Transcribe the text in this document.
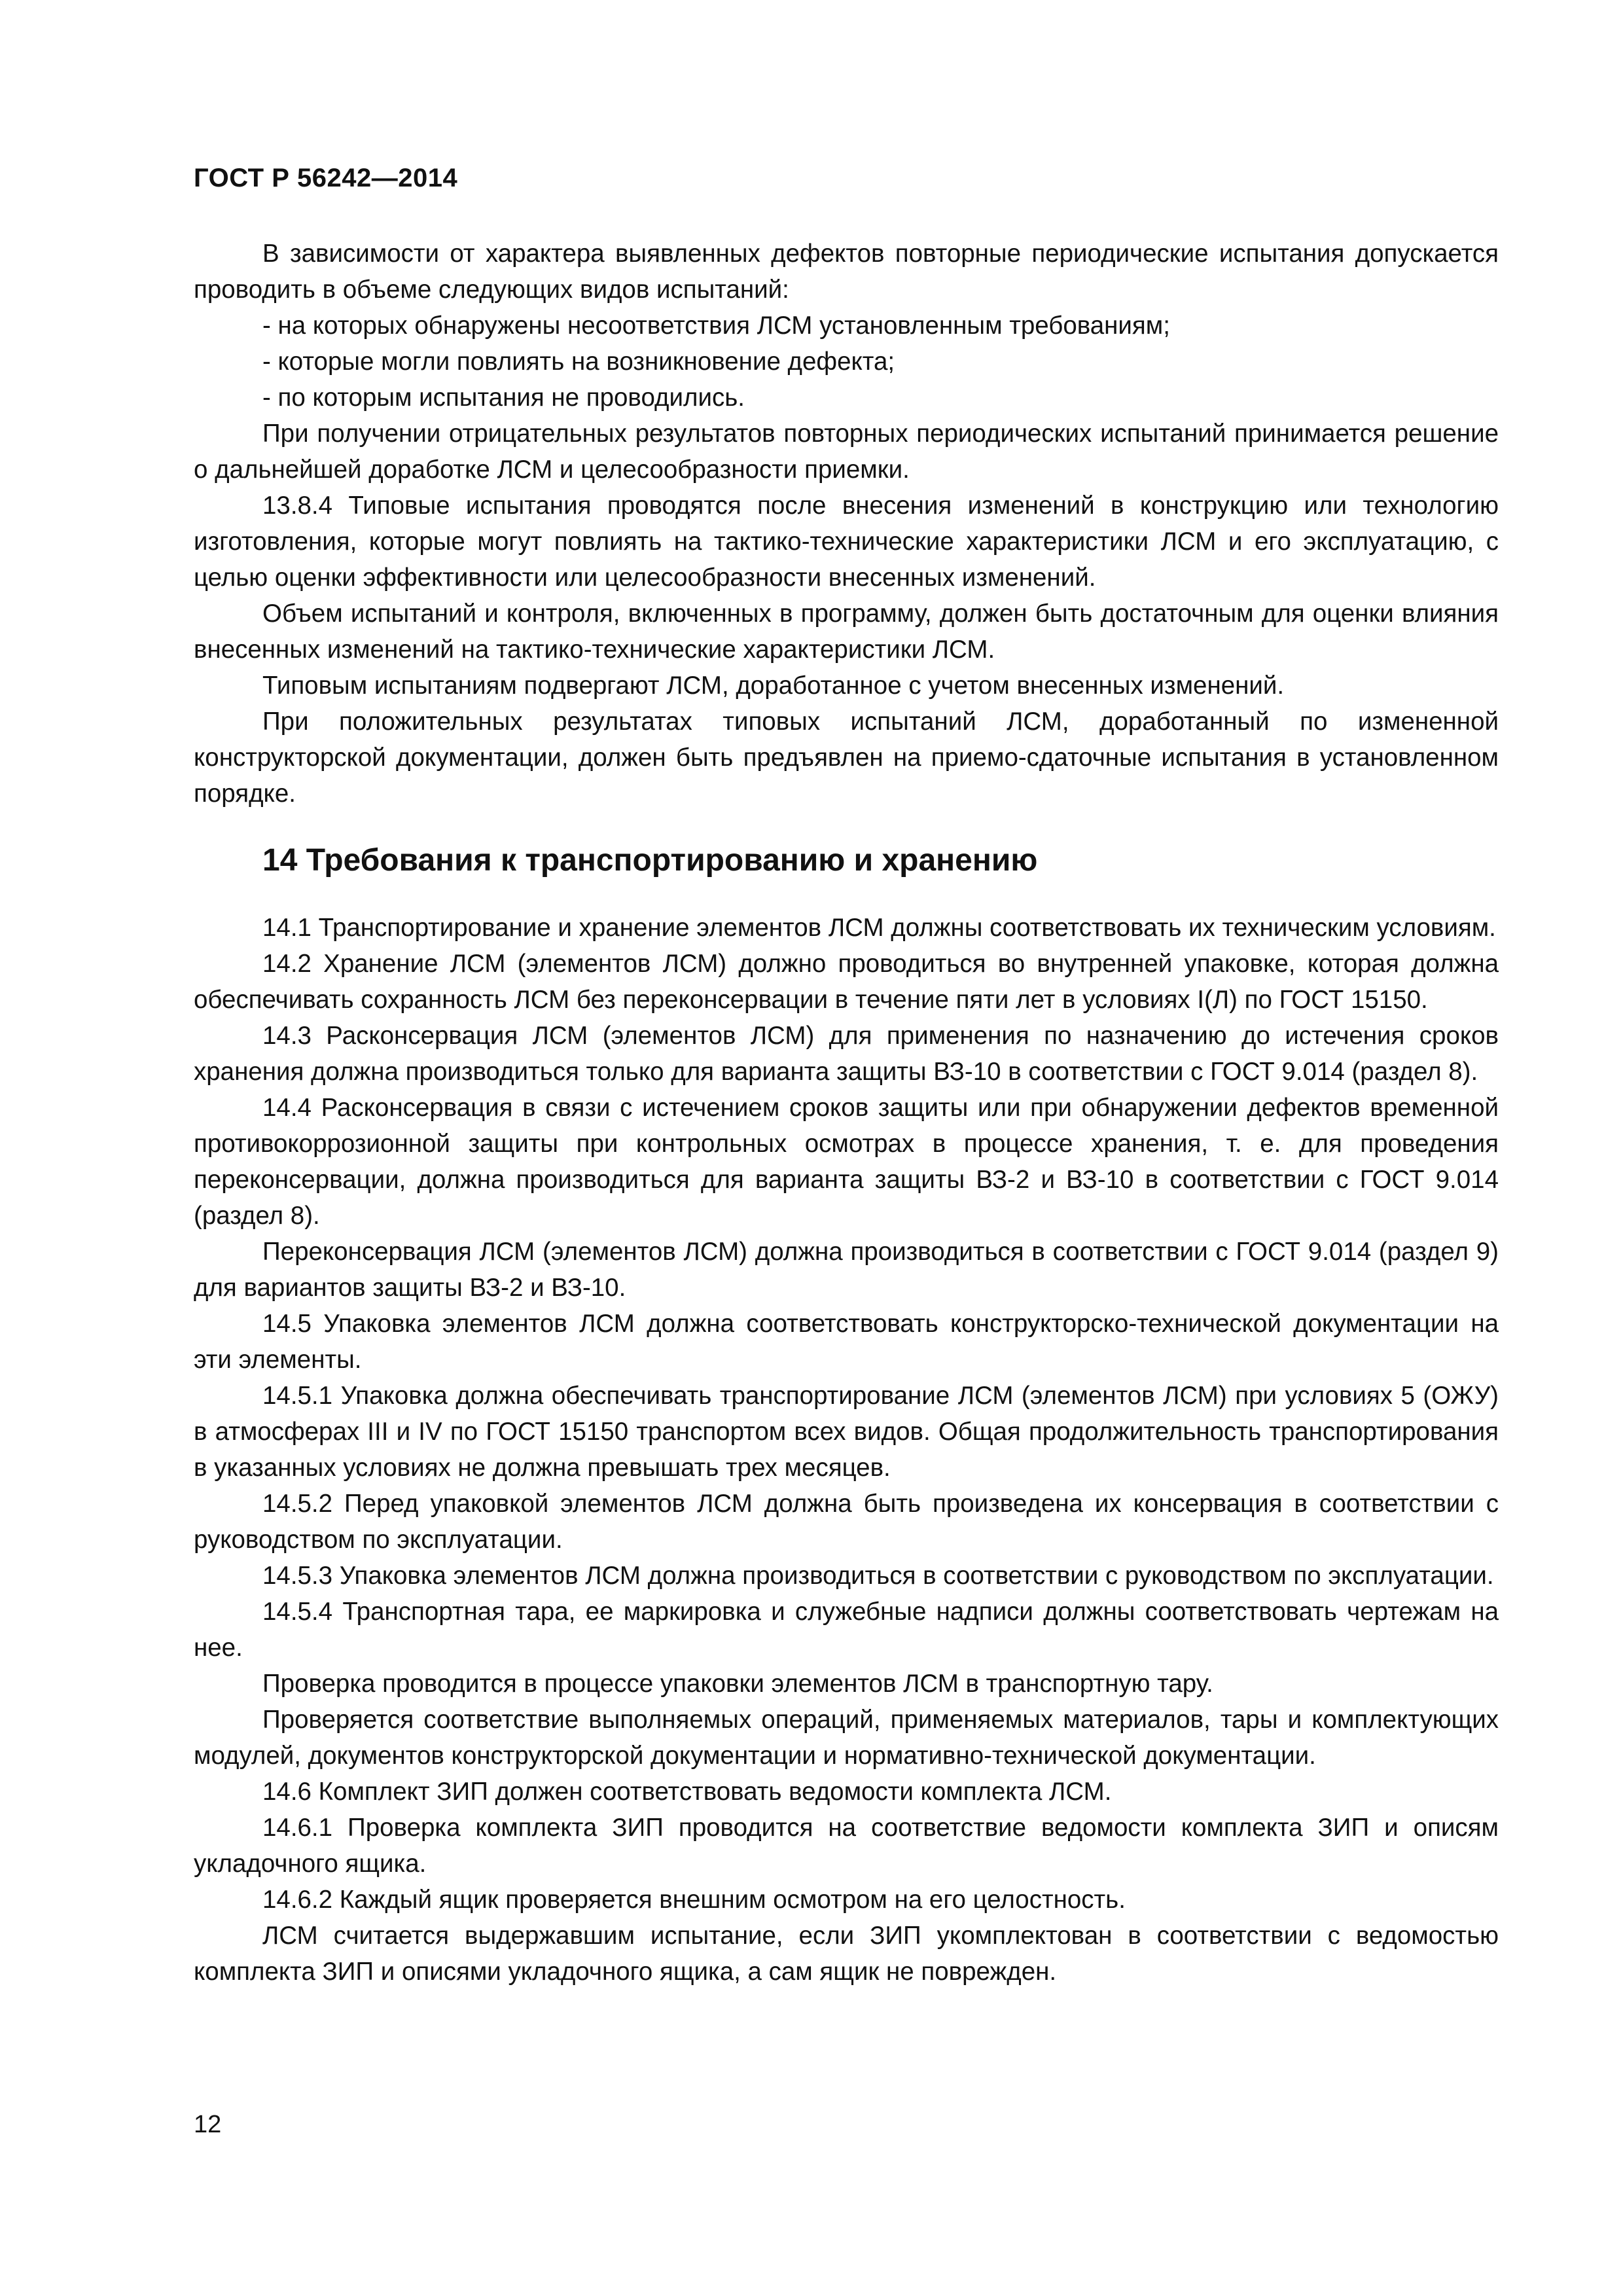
ГОСТ Р 56242—2014

В зависимости от характера выявленных дефектов повторные периодические испытания допускается проводить в объеме следующих видов испытаний:

- на которых обнаружены несоответствия ЛСМ установленным требованиям;

- которые могли повлиять на возникновение дефекта;

- по которым испытания не проводились.

При получении отрицательных результатов повторных периодических испытаний принимается решение о дальнейшей доработке ЛСМ и целесообразности приемки.

13.8.4 Типовые испытания проводятся после внесения изменений в конструкцию или технологию изготовления, которые могут повлиять на тактико-технические характеристики ЛСМ и его эксплуатацию, с целью оценки эффективности или целесообразности внесенных изменений.

Объем испытаний и контроля, включенных в программу, должен быть достаточным для оценки влияния внесенных изменений на тактико-технические характеристики ЛСМ.

Типовым испытаниям подвергают ЛСМ, доработанное с учетом внесенных изменений.

При положительных результатах типовых испытаний ЛСМ, доработанный по измененной конструкторской документации, должен быть предъявлен на приемо-сдаточные испытания в установленном порядке.

14 Требования к транспортированию и хранению

14.1 Транспортирование и хранение элементов ЛСМ должны соответствовать их техническим условиям.

14.2 Хранение ЛСМ (элементов ЛСМ) должно проводиться во внутренней упаковке, которая должна обеспечивать сохранность ЛСМ без переконсервации в течение пяти лет в условиях I(Л) по ГОСТ 15150.

14.3 Расконсервация ЛСМ (элементов ЛСМ) для применения по назначению до истечения сроков хранения должна производиться только для варианта защиты ВЗ-10 в соответствии с ГОСТ 9.014 (раздел 8).

14.4 Расконсервация в связи с истечением сроков защиты или при обнаружении дефектов временной противокоррозионной защиты при контрольных осмотрах в процессе хранения, т. е. для проведения переконсервации, должна производиться для варианта защиты ВЗ-2 и ВЗ-10 в соответствии с ГОСТ 9.014 (раздел 8).

Переконсервация ЛСМ (элементов ЛСМ) должна производиться в соответствии с ГОСТ 9.014 (раздел 9) для вариантов защиты ВЗ-2 и ВЗ-10.

14.5 Упаковка элементов ЛСМ должна соответствовать конструкторско-технической документации на эти элементы.

14.5.1 Упаковка должна обеспечивать транспортирование ЛСМ (элементов ЛСМ) при условиях 5 (ОЖУ) в атмосферах III и IV по ГОСТ 15150 транспортом всех видов. Общая продолжительность транспортирования в указанных условиях не должна превышать трех месяцев.

14.5.2 Перед упаковкой элементов ЛСМ должна быть произведена их консервация в соответствии с руководством по эксплуатации.

14.5.3 Упаковка элементов ЛСМ должна производиться в соответствии с руководством по эксплуатации.

14.5.4 Транспортная тара, ее маркировка и служебные надписи должны соответствовать чертежам на нее.

Проверка проводится в процессе упаковки элементов ЛСМ в транспортную тару.

Проверяется соответствие выполняемых операций, применяемых материалов, тары и комплектующих модулей, документов конструкторской документации и нормативно-технической документации.

14.6 Комплект ЗИП должен соответствовать ведомости комплекта ЛСМ.

14.6.1 Проверка комплекта ЗИП проводится на соответствие ведомости комплекта ЗИП и описям укладочного ящика.

14.6.2 Каждый ящик проверяется внешним осмотром на его целостность.

ЛСМ считается выдержавшим испытание, если ЗИП укомплектован в соответствии с ведомостью комплекта ЗИП и описями укладочного ящика, а сам ящик не поврежден.

12
